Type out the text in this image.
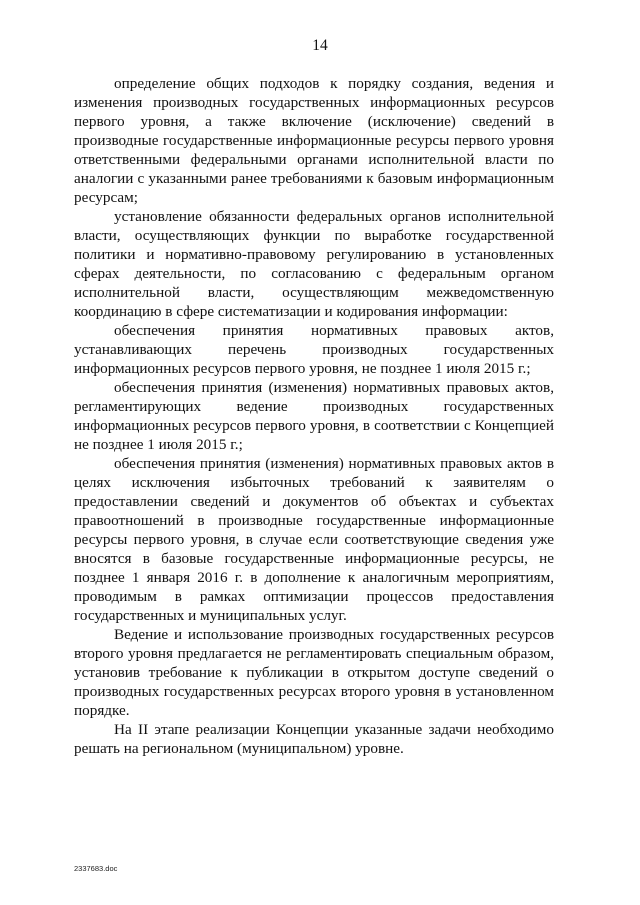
14

определение общих подходов к порядку создания, ведения и изменения производных государственных информационных ресурсов первого уровня, а также включение (исключение) сведений в производные государственные информационные ресурсы первого уровня ответственными федеральными органами исполнительной власти по аналогии с указанными ранее требованиями к базовым информационным ресурсам;

установление обязанности федеральных органов исполнительной власти, осуществляющих функции по выработке государственной политики и нормативно-правовому регулированию в установленных сферах деятельности, по согласованию с федеральным органом исполнительной власти, осуществляющим межведомственную координацию в сфере систематизации и кодирования информации:

обеспечения принятия нормативных правовых актов, устанавливающих перечень производных государственных информационных ресурсов первого уровня, не позднее 1 июля 2015 г.;

обеспечения принятия (изменения) нормативных правовых актов, регламентирующих ведение производных государственных информационных ресурсов первого уровня, в соответствии с Концепцией не позднее 1 июля 2015 г.;

обеспечения принятия (изменения) нормативных правовых актов в целях исключения избыточных требований к заявителям о предоставлении сведений и документов об объектах и субъектах правоотношений в производные государственные информационные ресурсы первого уровня, в случае если соответствующие сведения уже вносятся в базовые государственные информационные ресурсы, не позднее 1 января 2016 г. в дополнение к аналогичным мероприятиям, проводимым в рамках оптимизации процессов предоставления государственных и муниципальных услуг.

Ведение и использование производных государственных ресурсов второго уровня предлагается не регламентировать специальным образом, установив требование к публикации в открытом доступе сведений о производных государственных ресурсах второго уровня в установленном порядке.

На II этапе реализации Концепции указанные задачи необходимо решать на региональном (муниципальном) уровне.

2337683.doc
